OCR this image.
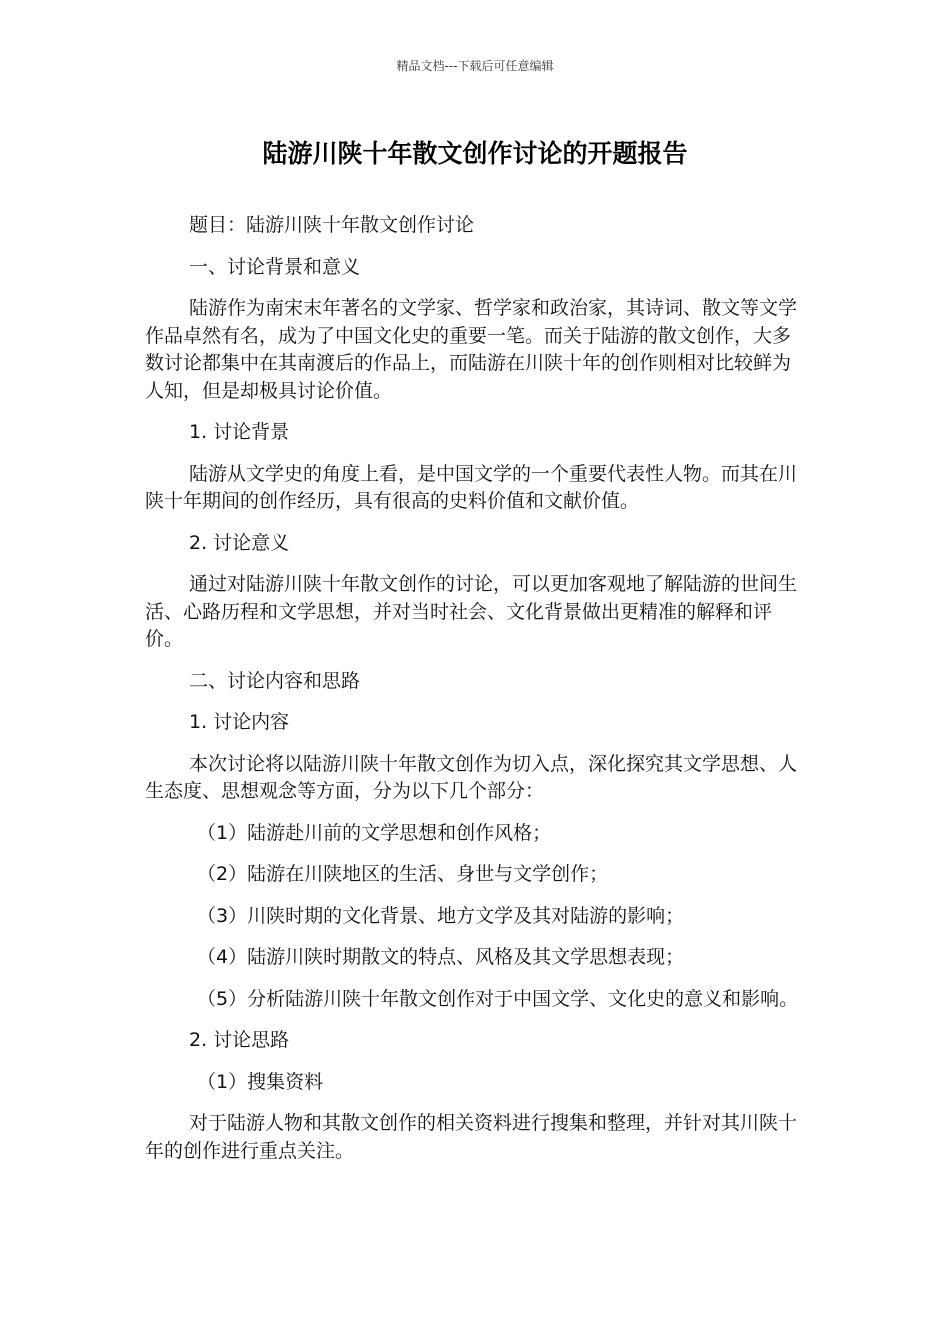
精品文档---下载后可任意编辑
陆游川陕十年散文创作讨论的开题报告

题目：陆游川陕十年散文创作讨论

一、讨论背景和意义

陆游作为南宋末年著名的文学家、哲学家和政治家，其诗词、散文等文学作品卓然有名，成为了中国文化史的重要一笔。而关于陆游的散文创作，大多数讨论都集中在其南渡后的作品上，而陆游在川陕十年的创作则相对比较鲜为人知，但是却极具讨论价值。

1. 讨论背景

陆游从文学史的角度上看，是中国文学的一个重要代表性人物。而其在川陕十年期间的创作经历，具有很高的史料价值和文献价值。

2. 讨论意义

通过对陆游川陕十年散文创作的讨论，可以更加客观地了解陆游的世间生活、心路历程和文学思想，并对当时社会、文化背景做出更精准的解释和评价。

二、讨论内容和思路

1. 讨论内容

本次讨论将以陆游川陕十年散文创作为切入点，深化探究其文学思想、人生态度、思想观念等方面，分为以下几个部分：

（1）陆游赴川前的文学思想和创作风格；

（2）陆游在川陕地区的生活、身世与文学创作；

（3）川陕时期的文化背景、地方文学及其对陆游的影响；

（4）陆游川陕时期散文的特点、风格及其文学思想表现；

（5）分析陆游川陕十年散文创作对于中国文学、文化史的意义和影响。

2. 讨论思路

（1）搜集资料

对于陆游人物和其散文创作的相关资料进行搜集和整理，并针对其川陕十年的创作进行重点关注。
